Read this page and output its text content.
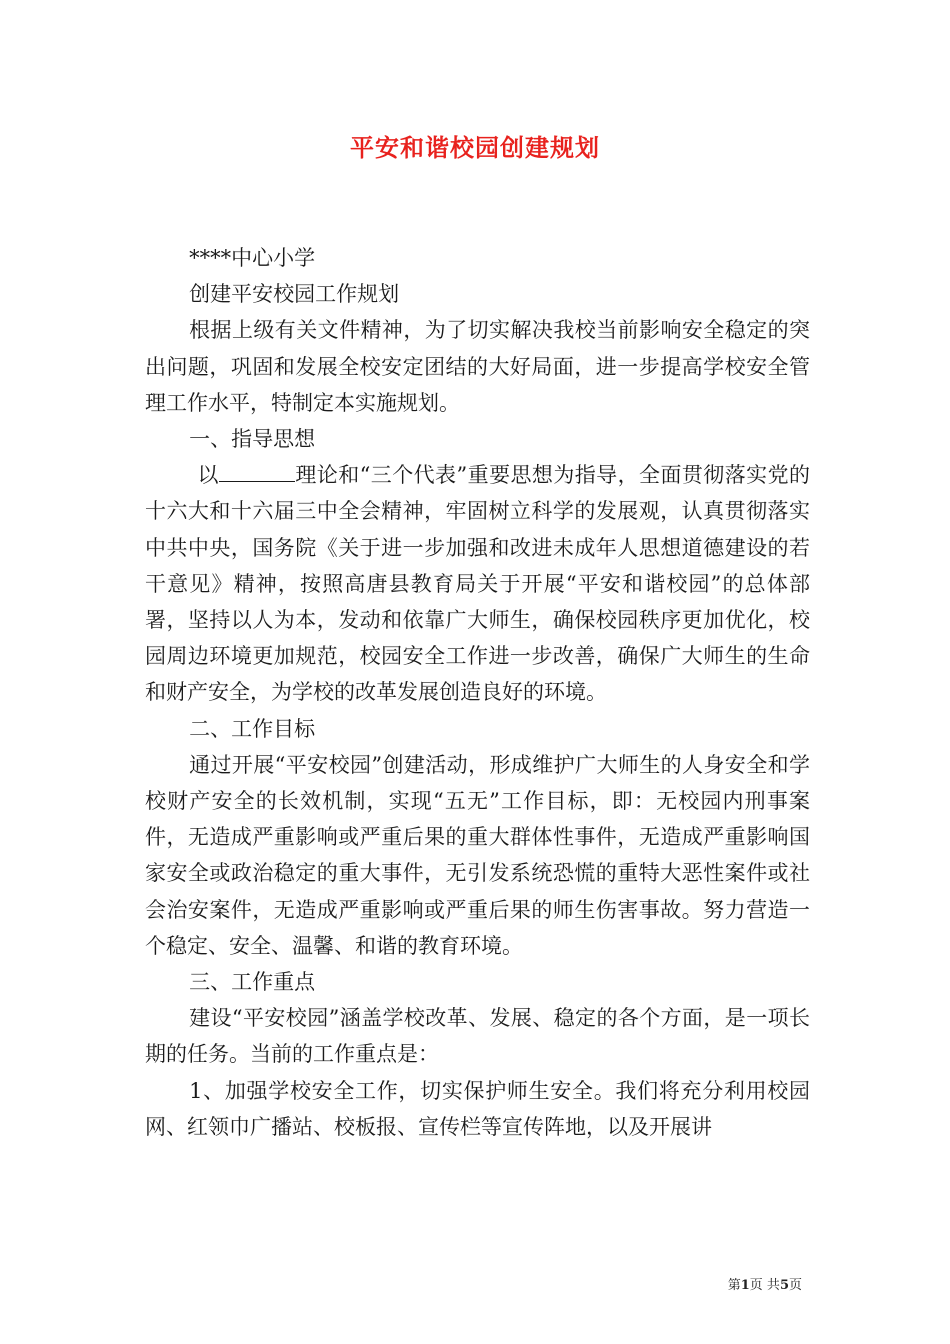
平安和谐校园创建规划

****中心小学

创建平安校园工作规划

根据上级有关文件精神，为了切实解决我校当前影响安全稳定的突出问题，巩固和发展全校安定团结的大好局面，进一步提高学校安全管理工作水平，特制定本实施规划。

一、指导思想

以	理论和“三个代表”重要思想为指导，全面贯彻落实党的十六大和十六届三中全会精神，牢固树立科学的发展观，认真贯彻落实中共中央，国务院《关于进一步加强和改进未成年人思想道德建设的若干意见》精神，按照高唐县教育局关于开展“平安和谐校园”的总体部署，坚持以人为本，发动和依靠广大师生，确保校园秩序更加优化，校园周边环境更加规范，校园安全工作进一步改善，确保广大师生的生命和财产安全，为学校的改革发展创造良好的环境。

二、工作目标

通过开展“平安校园”创建活动，形成维护广大师生的人身安全和学校财产安全的长效机制，实现“五无”工作目标，即：无校园内刑事案件，无造成严重影响或严重后果的重大群体性事件，无造成严重影响国家安全或政治稳定的重大事件，无引发系统恐慌的重特大恶性案件或社会治安案件，无造成严重影响或严重后果的师生伤害事故。努力营造一个稳定、安全、温馨、和谐的教育环境。

三、工作重点

建设“平安校园”涵盖学校改革、发展、稳定的各个方面，是一项长期的任务。当前的工作重点是：

1、加强学校安全工作，切实保护师生安全。我们将充分利用校园网、红领巾广播站、校板报、宣传栏等宣传阵地，以及开展讲

第1页 共5页
